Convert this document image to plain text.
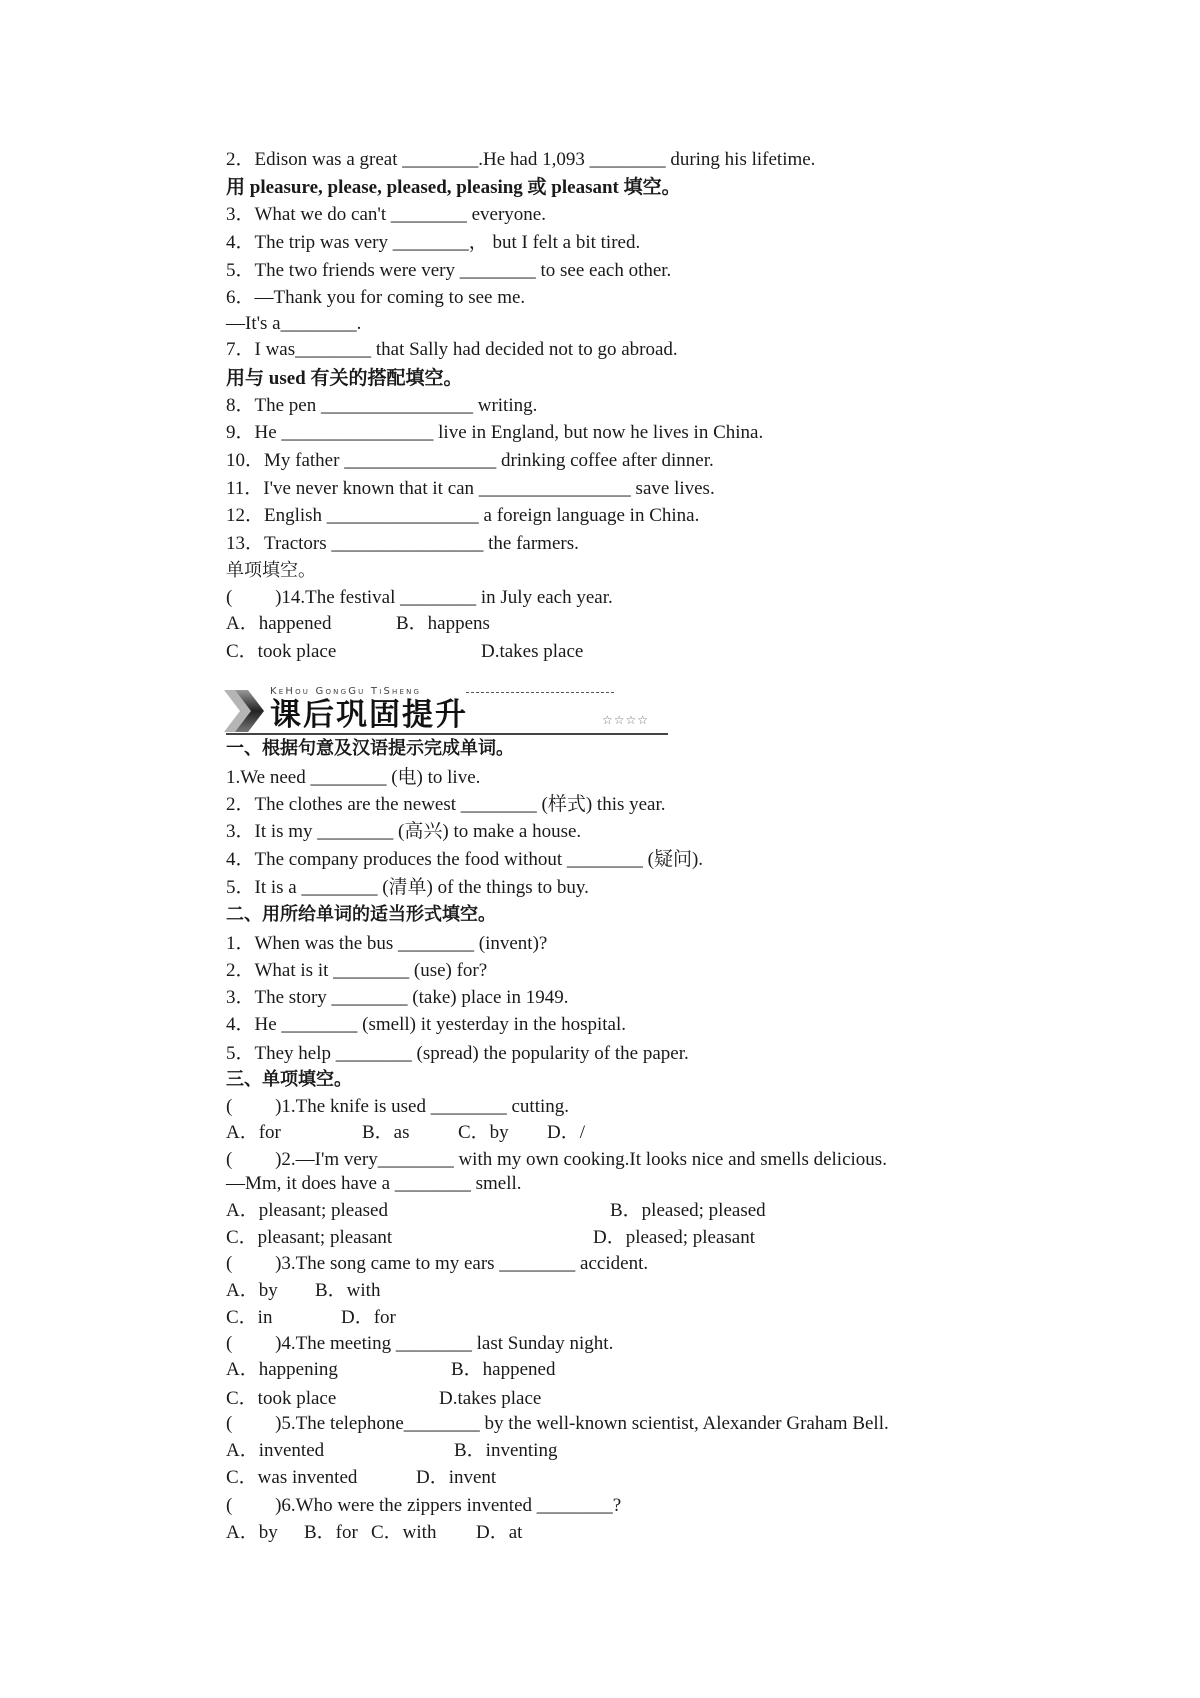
2．Edison was a great ________.He had 1,093 ________ during his lifetime.
用 pleasure, please, pleased, pleasing 或 pleasant 填空。
3．What we do can't ________ everyone.
4．The trip was very ________， but I felt a bit tired.
5．The two friends were very ________ to see each other.
6．—Thank you for coming to see me.
—It's a________.
7．I was________ that Sally had decided not to go abroad.
用与 used 有关的搭配填空。
8．The pen ________________ writing.
9．He ________________ live in England, but now he lives in China.
10．My father ________________ drinking coffee after dinner.
11．I've never known that it can ________________ save lives.
12．English ________________ a foreign language in China.
13．Tractors ________________ the farmers.
单项填空。
(         )14.The festival ________ in July each year.
A．happened	B．happens
C．took place	D.takes place
KeHou GongGu TiSheng
课后巩固提升	☆☆☆☆
一、根据句意及汉语提示完成单词。
1.We need ________ (电) to live.
2．The clothes are the newest ________ (样式) this year.
3．It is my ________ (高兴) to make a house.
4．The company produces the food without ________ (疑问).
5．It is a ________ (清单) of the things to buy.
二、用所给单词的适当形式填空。
1．When was the bus ________ (invent)?
2．What is it ________ (use) for?
3．The story ________ (take) place in 1949.
4．He ________ (smell) it yesterday in the hospital.
5．They help ________ (spread) the popularity of the paper.
三、单项填空。
(         )1.The knife is used ________ cutting.
A．for	B．as	C．by D．/
(         )2.—I'm very________ with my own cooking.It looks nice and smells delicious.
—Mm, it does have a ________ smell.
A．pleasant; pleased	B．pleased; pleased
C．pleasant; pleasant	D．pleased; pleasant
(         )3.The song came to my ears ________ accident.
A．by B．with
C．in	D．for
(         )4.The meeting ________ last Sunday night.
A．happening	B．happened
C．took place	D.takes place
(         )5.The telephone________ by the well-known scientist, Alexander Graham Bell.
A．invented	B．inventing
C．was invented	D．invent
(         )6.Who were the zippers invented ________?
A．by B．for C．with D．at
